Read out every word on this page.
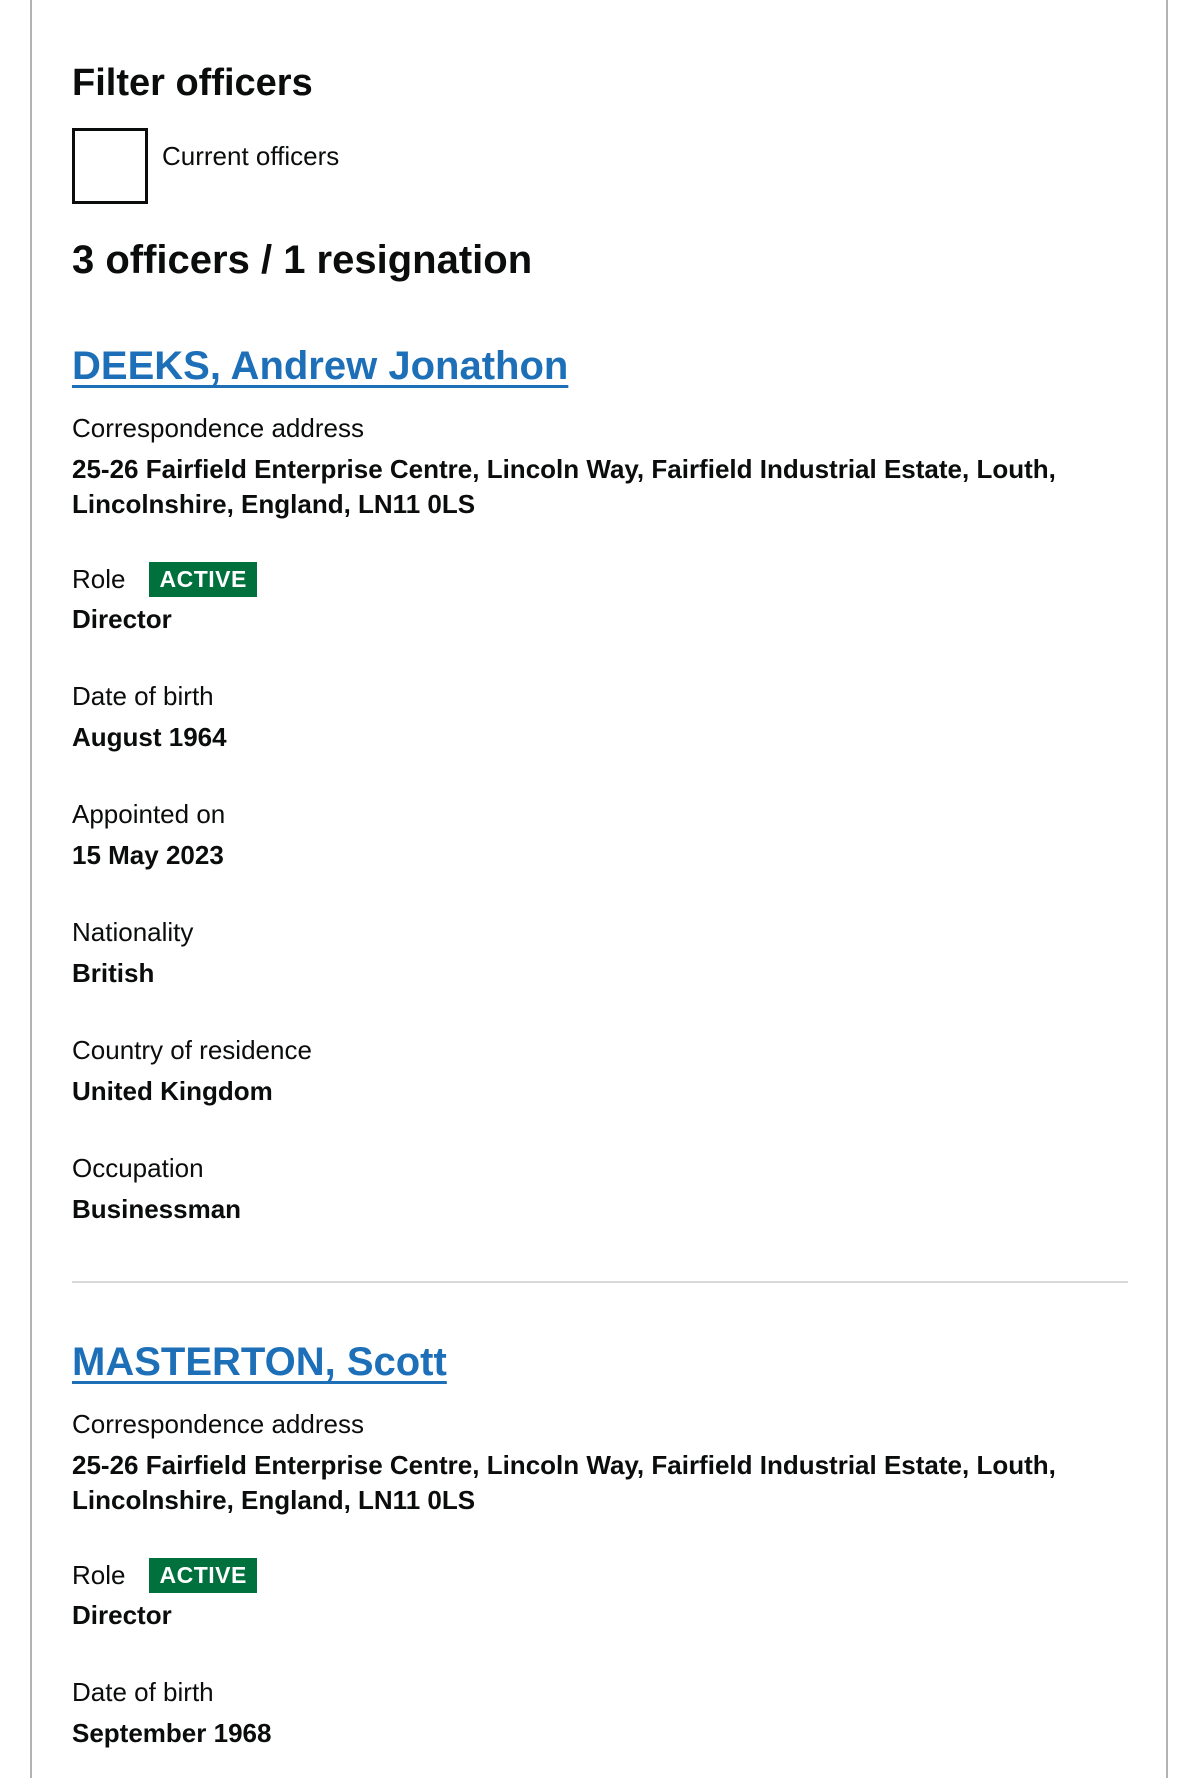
Filter officers
Current officers
3 officers / 1 resignation
DEEKS, Andrew Jonathon

Correspondence address

25-26 Fairfield Enterprise Centre, Lincoln Way, Fairfield Industrial Estate, Louth, Lincolnshire, England, LN11 0LS

Role	ACTIVE

Director

Date of birth

August 1964

Appointed on

15 May 2023

Nationality

British

Country of residence

United Kingdom

Occupation

Businessman

MASTERTON, Scott

Correspondence address

25-26 Fairfield Enterprise Centre, Lincoln Way, Fairfield Industrial Estate, Louth, Lincolnshire, England, LN11 0LS

Role	ACTIVE

Director

Date of birth

September 1968
